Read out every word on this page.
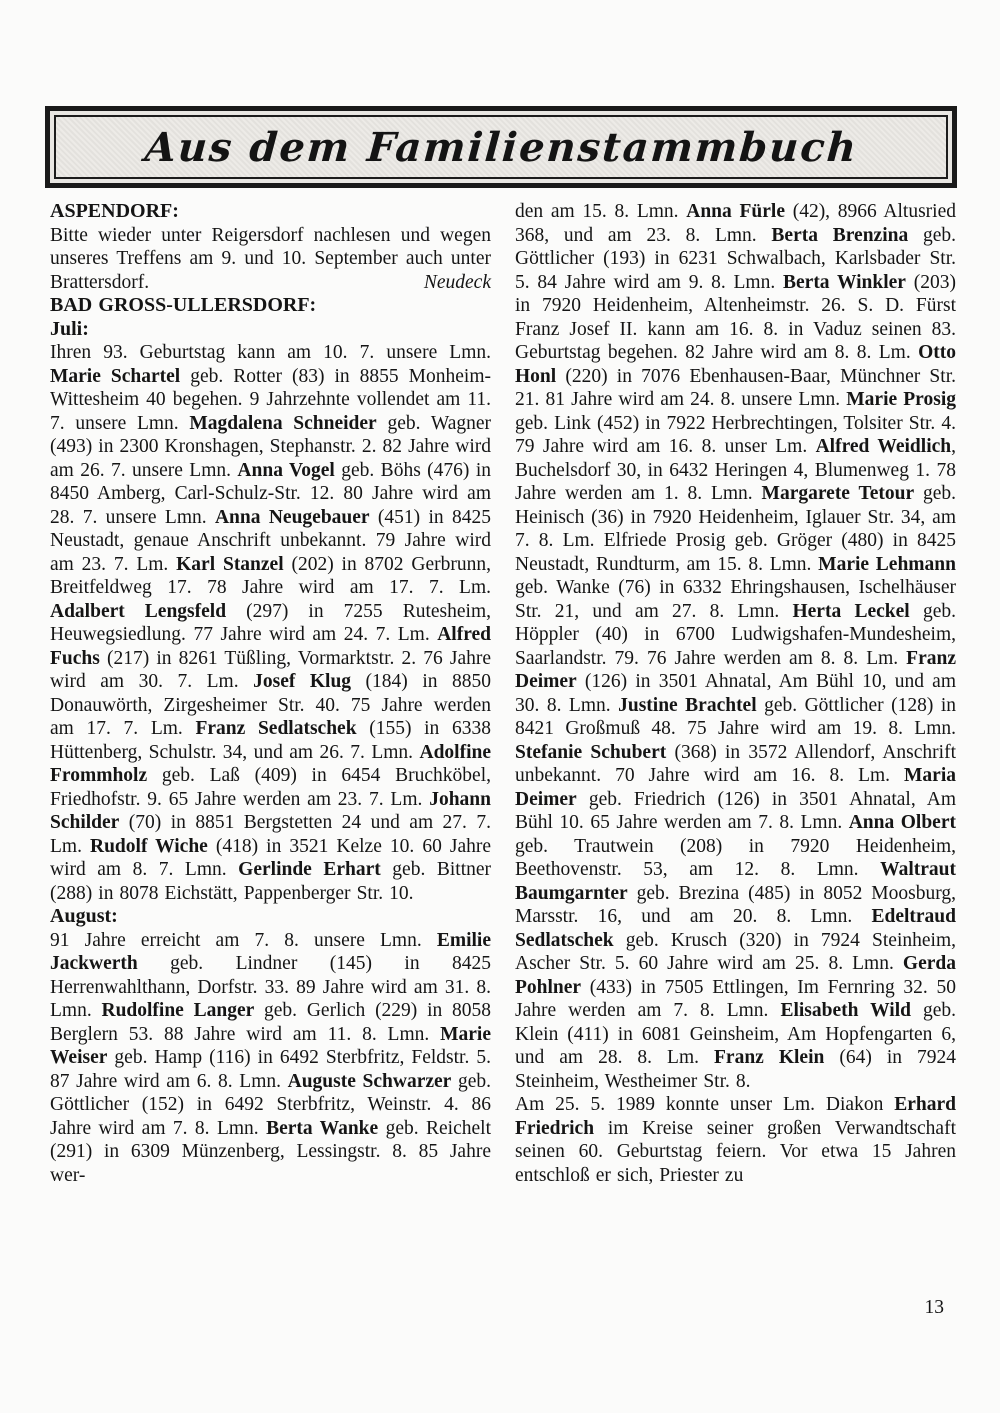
Aus dem Familienstammbuch
ASPENDORF:

Bitte wieder unter Reigersdorf nachlesen und wegen unseres Treffens am 9. und 10. September auch unter Brattersdorf.	Neudeck

BAD GROSS-ULLERSDORF:
Juli:

Ihren 93. Geburtstag kann am 10. 7. unsere Lmn. Marie Schartel geb. Rotter (83) in 8855 Monheim-Wittesheim 40 begehen. 9 Jahrzehnte vollendet am 11. 7. unsere Lmn. Magdalena Schneider geb. Wagner (493) in 2300 Kronshagen, Stephanstr. 2. 82 Jahre wird am 26. 7. unsere Lmn. Anna Vogel geb. Böhs (476) in 8450 Amberg, Carl-Schulz-Str. 12. 80 Jahre wird am 28. 7. unsere Lmn. Anna Neugebauer (451) in 8425 Neustadt, genaue Anschrift unbekannt. 79 Jahre wird am 23. 7. Lm. Karl Stanzel (202) in 8702 Gerbrunn, Breitfeldweg 17. 78 Jahre wird am 17. 7. Lm. Adalbert Lengsfeld (297) in 7255 Rutesheim, Heuwegsiedlung. 77 Jahre wird am 24. 7. Lm. Alfred Fuchs (217) in 8261 Tüßling, Vormarktstr. 2. 76 Jahre wird am 30. 7. Lm. Josef Klug (184) in 8850 Donauwörth, Zirgesheimer Str. 40. 75 Jahre werden am 17. 7. Lm. Franz Sedlatschek (155) in 6338 Hüttenberg, Schulstr. 34, und am 26. 7. Lmn. Adolfine Frommholz geb. Laß (409) in 6454 Bruchköbel, Friedhofstr. 9. 65 Jahre werden am 23. 7. Lm. Johann Schilder (70) in 8851 Bergstetten 24 und am 27. 7. Lm. Rudolf Wiche (418) in 3521 Kelze 10. 60 Jahre wird am 8. 7. Lmn. Gerlinde Erhart geb. Bittner (288) in 8078 Eichstätt, Pappenberger Str. 10.

August:

91 Jahre erreicht am 7. 8. unsere Lmn. Emilie Jackwerth geb. Lindner (145) in 8425 Herrenwahlthann, Dorfstr. 33. 89 Jahre wird am 31. 8. Lmn. Rudolfine Langer geb. Gerlich (229) in 8058 Berglern 53. 88 Jahre wird am 11. 8. Lmn. Marie Weiser geb. Hamp (116) in 6492 Sterbfritz, Feldstr. 5. 87 Jahre wird am 6. 8. Lmn. Auguste Schwarzer geb. Göttlicher (152) in 6492 Sterbfritz, Weinstr. 4. 86 Jahre wird am 7. 8. Lmn. Berta Wanke geb. Reichelt (291) in 6309 Münzenberg, Lessingstr. 8. 85 Jahre wer-

den am 15. 8. Lmn. Anna Fürle (42), 8966 Altusried 368, und am 23. 8. Lmn. Berta Brenzina geb. Göttlicher (193) in 6231 Schwalbach, Karlsbader Str. 5. 84 Jahre wird am 9. 8. Lmn. Berta Winkler (203) in 7920 Heidenheim, Altenheimstr. 26. S. D. Fürst Franz Josef II. kann am 16. 8. in Vaduz seinen 83. Geburtstag begehen. 82 Jahre wird am 8. 8. Lm. Otto Honl (220) in 7076 Ebenhausen-Baar, Münchner Str. 21. 81 Jahre wird am 24. 8. unsere Lmn. Marie Prosig geb. Link (452) in 7922 Herbrechtingen, Tolsiter Str. 4. 79 Jahre wird am 16. 8. unser Lm. Alfred Weidlich, Buchelsdorf 30, in 6432 Heringen 4, Blumenweg 1. 78 Jahre werden am 1. 8. Lmn. Margarete Tetour geb. Heinisch (36) in 7920 Heidenheim, Iglauer Str. 34, am 7. 8. Lm. Elfriede Prosig geb. Gröger (480) in 8425 Neustadt, Rundturm, am 15. 8. Lmn. Marie Lehmann geb. Wanke (76) in 6332 Ehringshausen, Ischelhäuser Str. 21, und am 27. 8. Lmn. Herta Leckel geb. Höppler (40) in 6700 Ludwigshafen-Mundesheim, Saarlandstr. 79. 76 Jahre werden am 8. 8. Lm. Franz Deimer (126) in 3501 Ahnatal, Am Bühl 10, und am 30. 8. Lmn. Justine Brachtel geb. Göttlicher (128) in 8421 Großmuß 48. 75 Jahre wird am 19. 8. Lmn. Stefanie Schubert (368) in 3572 Allendorf, Anschrift unbekannt. 70 Jahre wird am 16. 8. Lm. Maria Deimer geb. Friedrich (126) in 3501 Ahnatal, Am Bühl 10. 65 Jahre werden am 7. 8. Lmn. Anna Olbert geb. Trautwein (208) in 7920 Heidenheim, Beethovenstr. 53, am 12. 8. Lmn. Waltraut Baumgarnter geb. Brezina (485) in 8052 Moosburg, Marsstr. 16, und am 20. 8. Lmn. Edeltraud Sedlatschek geb. Krusch (320) in 7924 Steinheim, Ascher Str. 5. 60 Jahre wird am 25. 8. Lmn. Gerda Pohlner (433) in 7505 Ettlingen, Im Fernring 32. 50 Jahre werden am 7. 8. Lmn. Elisabeth Wild geb. Klein (411) in 6081 Geinsheim, Am Hopfengarten 6, und am 28. 8. Lm. Franz Klein (64) in 7924 Steinheim, Westheimer Str. 8.

Am 25. 5. 1989 konnte unser Lm. Diakon Erhard Friedrich im Kreise seiner großen Verwandtschaft seinen 60. Geburtstag feiern. Vor etwa 15 Jahren entschloß er sich, Priester zu

13
